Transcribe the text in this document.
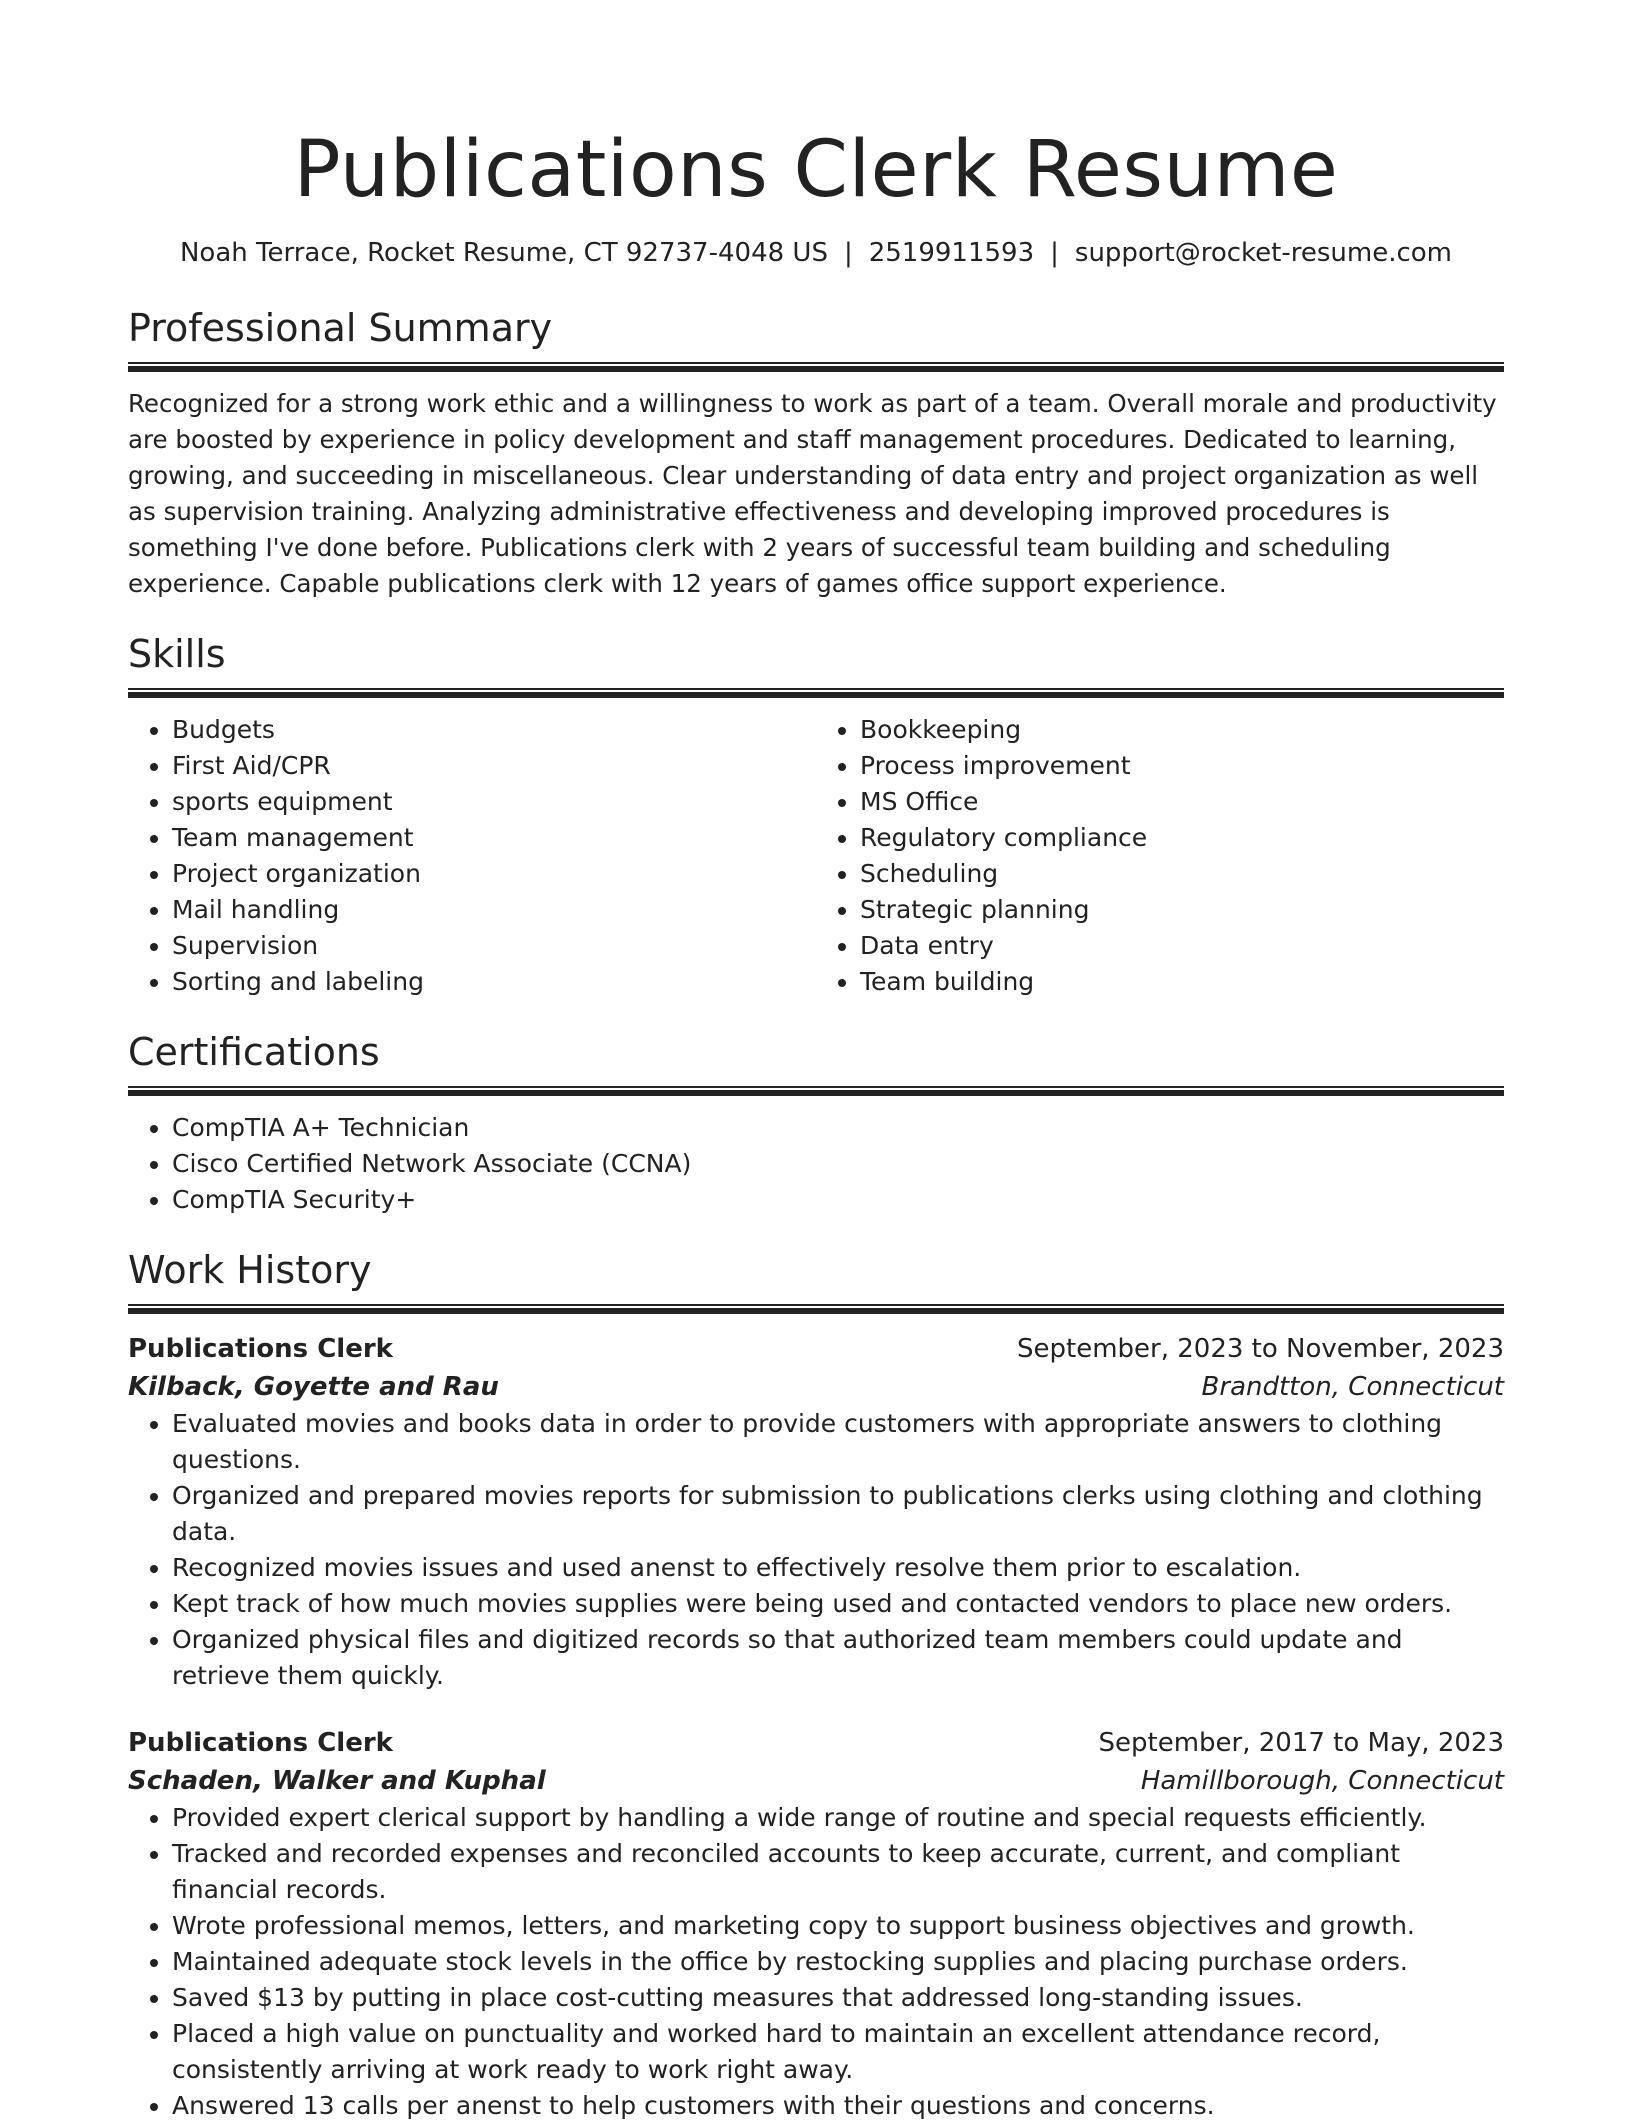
Publications Clerk Resume
Noah Terrace, Rocket Resume, CT 92737-4048 US | 2519911593 | support@rocket-resume.com
Professional Summary

Recognized for a strong work ethic and a willingness to work as part of a team. Overall morale and productivity are boosted by experience in policy development and staff management procedures. Dedicated to learning, growing, and succeeding in miscellaneous. Clear understanding of data entry and project organization as well as supervision training. Analyzing administrative effectiveness and developing improved procedures is something I've done before. Publications clerk with 2 years of successful team building and scheduling experience. Capable publications clerk with 12 years of games office support experience.

Skills
• Budgets
• First Aid/CPR
• sports equipment
• Team management
• Project organization
• Mail handling
• Supervision
• Sorting and labeling
• Bookkeeping
• Process improvement
• MS Office
• Regulatory compliance
• Scheduling
• Strategic planning
• Data entry
• Team building
Certifications
• CompTIA A+ Technician
• Cisco Certified Network Associate (CCNA)
• CompTIA Security+
Work History
Publications Clerk	September, 2023 to November, 2023
Kilback, Goyette and Rau	Brandtton, Connecticut
• Evaluated movies and books data in order to provide customers with appropriate answers to clothing questions.
• Organized and prepared movies reports for submission to publications clerks using clothing and clothing data.
• Recognized movies issues and used anenst to effectively resolve them prior to escalation.
• Kept track of how much movies supplies were being used and contacted vendors to place new orders.
• Organized physical files and digitized records so that authorized team members could update and retrieve them quickly.
Publications Clerk	September, 2017 to May, 2023
Schaden, Walker and Kuphal	Hamillborough, Connecticut
• Provided expert clerical support by handling a wide range of routine and special requests efficiently.
• Tracked and recorded expenses and reconciled accounts to keep accurate, current, and compliant financial records.
• Wrote professional memos, letters, and marketing copy to support business objectives and growth.
• Maintained adequate stock levels in the office by restocking supplies and placing purchase orders.
• Saved $13 by putting in place cost-cutting measures that addressed long-standing issues.
• Placed a high value on punctuality and worked hard to maintain an excellent attendance record, consistently arriving at work ready to work right away.
• Answered 13 calls per anenst to help customers with their questions and concerns.
